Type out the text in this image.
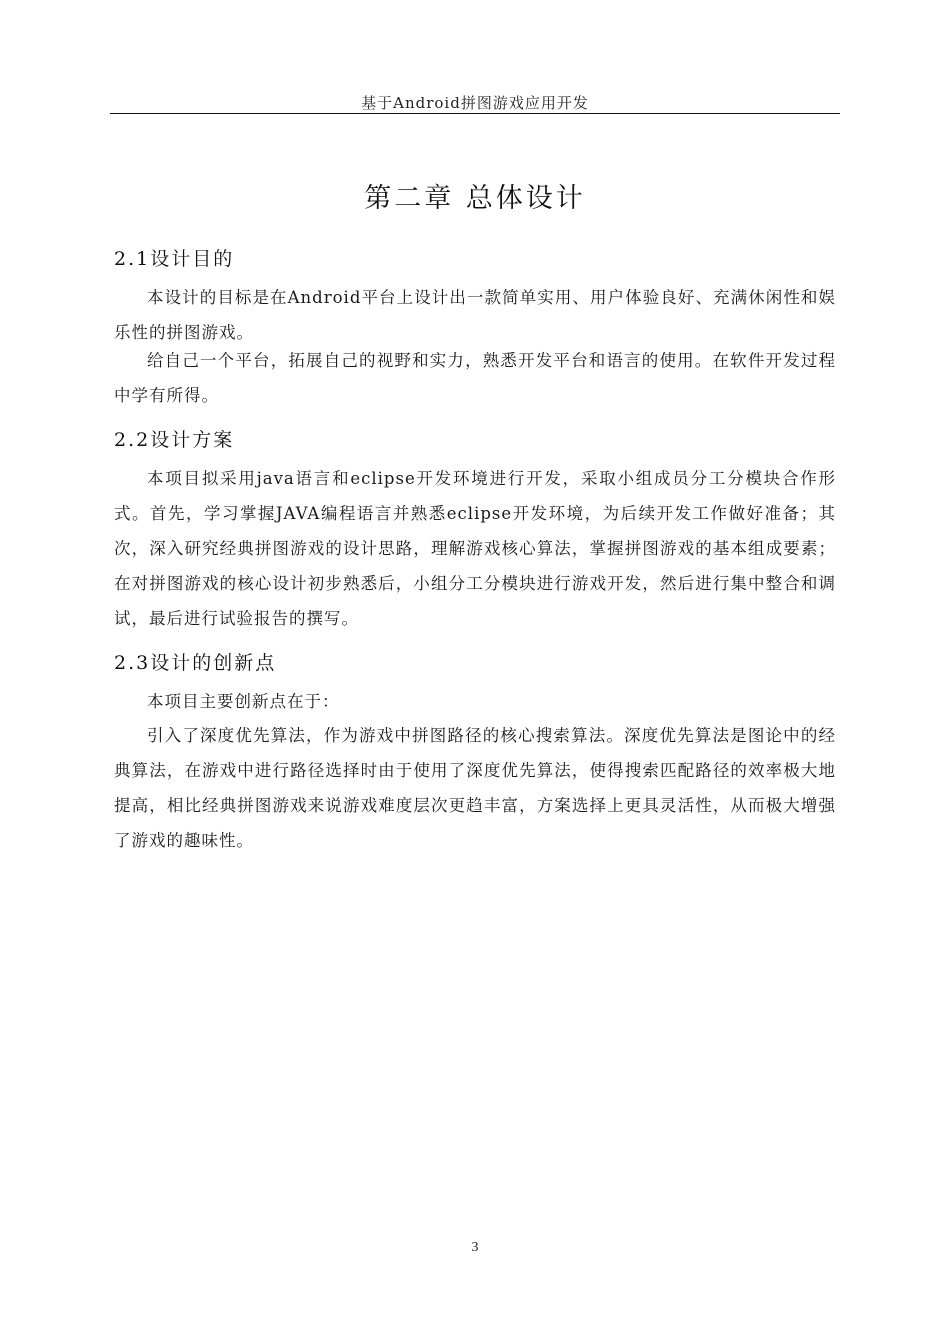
基于Android拼图游戏应用开发
第二章 总体设计
2.1设计目的
本设计的目标是在Android平台上设计出一款简单实用、用户体验良好、充满休闲性和娱乐性的拼图游戏。
给自己一个平台，拓展自己的视野和实力，熟悉开发平台和语言的使用。在软件开发过程中学有所得。
2.2设计方案
本项目拟采用java语言和eclipse开发环境进行开发，采取小组成员分工分模块合作形式。首先，学习掌握JAVA编程语言并熟悉eclipse开发环境，为后续开发工作做好准备；其次，深入研究经典拼图游戏的设计思路，理解游戏核心算法，掌握拼图游戏的基本组成要素；在对拼图游戏的核心设计初步熟悉后，小组分工分模块进行游戏开发，然后进行集中整合和调试，最后进行试验报告的撰写。
2.3设计的创新点
本项目主要创新点在于：
引入了深度优先算法，作为游戏中拼图路径的核心搜索算法。深度优先算法是图论中的经典算法，在游戏中进行路径选择时由于使用了深度优先算法，使得搜索匹配路径的效率极大地提高，相比经典拼图游戏来说游戏难度层次更趋丰富，方案选择上更具灵活性，从而极大增强了游戏的趣味性。
3
